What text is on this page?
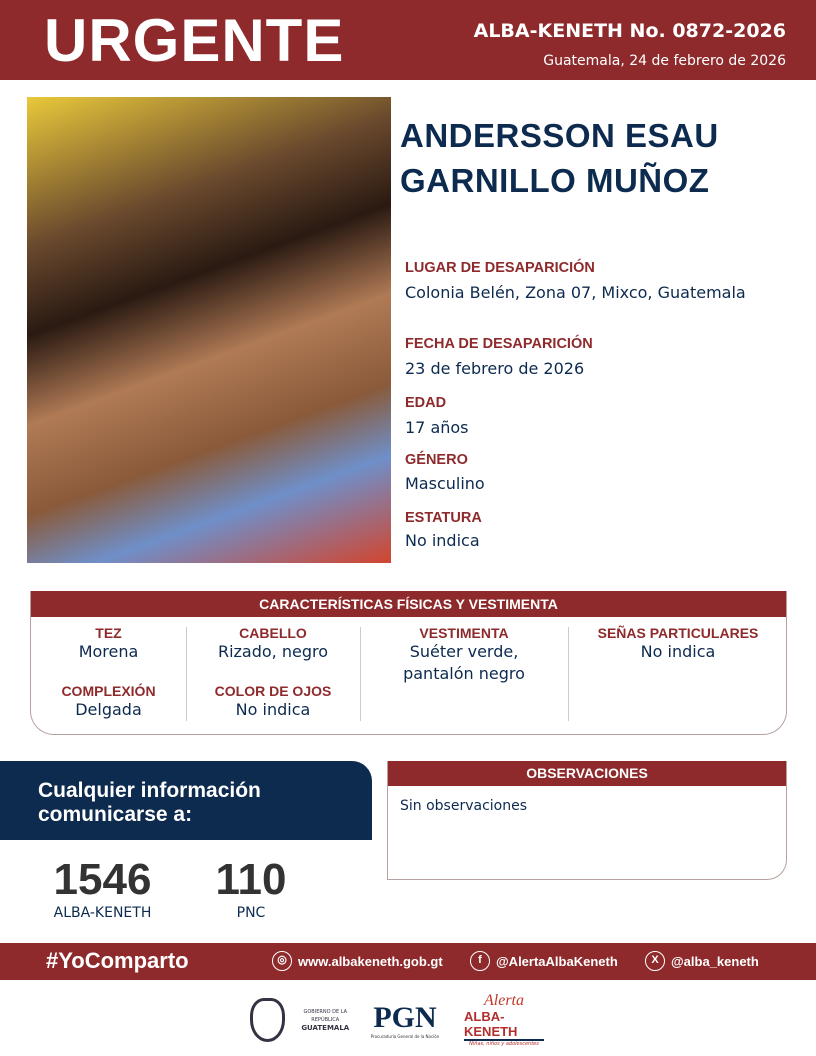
URGENTE	ALBA-KENETH No. 0872-2026
Guatemala, 24 de febrero de 2026
ANDERSSON ESAU
GARNILLO MUÑOZ
LUGAR DE DESAPARICIÓN
Colonia Belén, Zona 07, Mixco, Guatemala
FECHA DE DESAPARICIÓN
23 de febrero de 2026
EDAD
17 años
GÉNERO
Masculino
ESTATURA
No indica
CARACTERÍSTICAS FÍSICAS Y VESTIMENTA
TEZ
Morena
COMPLEXIÓN
Delgada
CABELLO
Rizado, negro
COLOR DE OJOS
No indica
VESTIMENTA
Suéter verde,
pantalón negro
SEÑAS PARTICULARES
No indica
Cualquier información
comunicarse a:
1546
ALBA-KENETH
110
PNC
OBSERVACIONES
Sin observaciones
#YoComparto	◎ www.albakeneth.gob.gt	f	@AlertaAlbaKeneth	X @alba_keneth
GOBIERNO DE LA REPÚBLICA
GUATEMALA PGN
Procuraduría General de la Nación
Alerta
ALBA-KENETH
Niñas, niños y adolescentes
